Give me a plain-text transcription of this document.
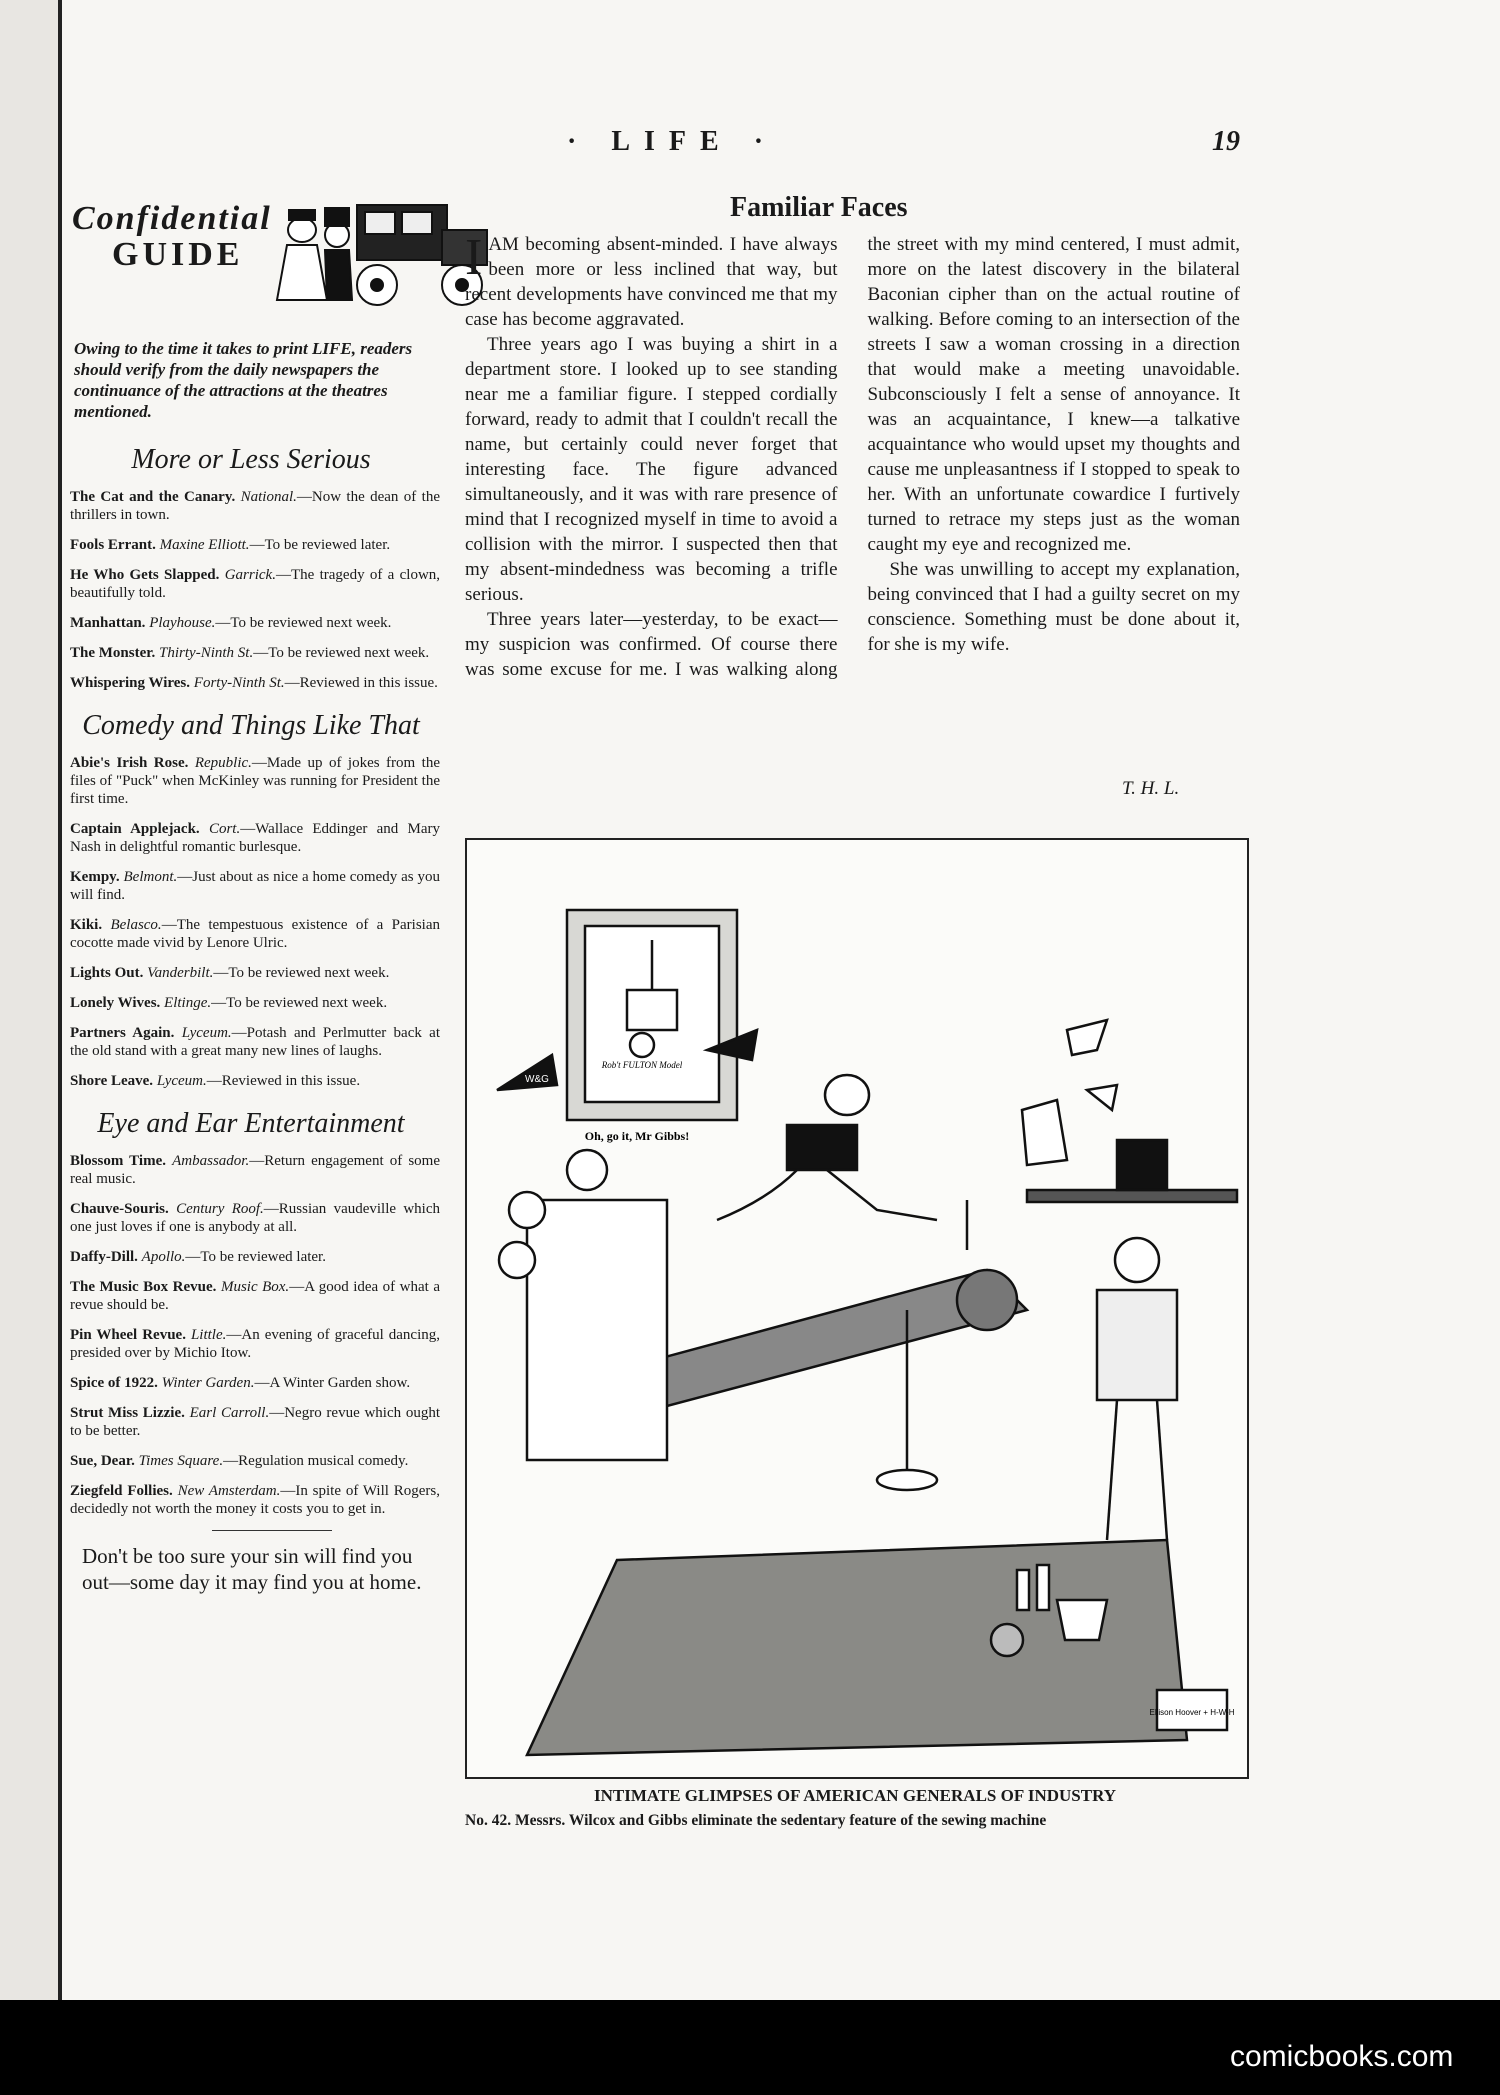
· LIFE ·	19
Confidential
GUIDE
Owing to the time it takes to print LIFE, readers should verify from the daily newspapers the continuance of the attractions at the theatres mentioned.
More or Less Serious
The Cat and the Canary. National.—Now the dean of the thrillers in town.
Fools Errant. Maxine Elliott.—To be reviewed later.
He Who Gets Slapped. Garrick.—The tragedy of a clown, beautifully told.
Manhattan. Playhouse.—To be reviewed next week.
The Monster. Thirty-Ninth St.—To be reviewed next week.
Whispering Wires. Forty-Ninth St.—Reviewed in this issue.
Comedy and Things Like That
Abie's Irish Rose. Republic.—Made up of jokes from the files of "Puck" when McKinley was running for President the first time.
Captain Applejack. Cort.—Wallace Eddinger and Mary Nash in delightful romantic burlesque.
Kempy. Belmont.—Just about as nice a home comedy as you will find.
Kiki. Belasco.—The tempestuous existence of a Parisian cocotte made vivid by Lenore Ulric.
Lights Out. Vanderbilt.—To be reviewed next week.
Lonely Wives. Eltinge.—To be reviewed next week.
Partners Again. Lyceum.—Potash and Perlmutter back at the old stand with a great many new lines of laughs.
Shore Leave. Lyceum.—Reviewed in this issue.
Eye and Ear Entertainment
Blossom Time. Ambassador.—Return engagement of some real music.
Chauve-Souris. Century Roof.—Russian vaudeville which one just loves if one is anybody at all.
Daffy-Dill. Apollo.—To be reviewed later.
The Music Box Revue. Music Box.—A good idea of what a revue should be.
Pin Wheel Revue. Little.—An evening of graceful dancing, presided over by Michio Itow.
Spice of 1922. Winter Garden.—A Winter Garden show.
Strut Miss Lizzie. Earl Carroll.—Negro revue which ought to be better.
Sue, Dear. Times Square.—Regulation musical comedy.
Ziegfeld Follies. New Amsterdam.—In spite of Will Rogers, decidedly not worth the money it costs you to get in.
Don't be too sure your sin will find you out—some day it may find you at home.
Familiar Faces

IAM becoming absent-minded. I have always been more or less inclined that way, but recent developments have convinced me that my case has become aggravated.

Three years ago I was buying a shirt in a department store. I looked up to see standing near me a familiar figure. I stepped cordially forward, ready to admit that I couldn't recall the name, but certainly could never forget that interesting face. The figure advanced simultaneously, and it was with rare presence of mind that I recognized myself in time to avoid a collision with the mirror. I suspected then that my absent-mindedness was becoming a trifle serious.

Three years later—yesterday, to be exact—my suspicion was confirmed. Of course there was some excuse for me. I was walking along the street with my mind centered, I must admit, more on the latest discovery in the bilateral Baconian cipher than on the actual routine of walking. Before coming to an intersection of the streets I saw a woman crossing in a direction that would make a meeting unavoidable. Subconsciously I felt a sense of annoyance. It was an acquaintance, I knew—a talkative acquaintance who would upset my thoughts and cause me unpleasantness if I stopped to speak to her. With an unfortunate cowardice I furtively turned to retrace my steps just as the woman caught my eye and recognized me.

She was unwilling to accept my explanation, being convinced that I had a guilty secret on my conscience. Something must be done about it, for she is my wife.

T. H. L.
Rob't FULTON Model
Oh, go it, Mr Gibbs!
W&G
Ellison Hoover + H-W-H
INTIMATE GLIMPSES OF AMERICAN GENERALS OF INDUSTRY
No. 42. Messrs. Wilcox and Gibbs eliminate the sedentary feature of the sewing machine
comicbooks.com
